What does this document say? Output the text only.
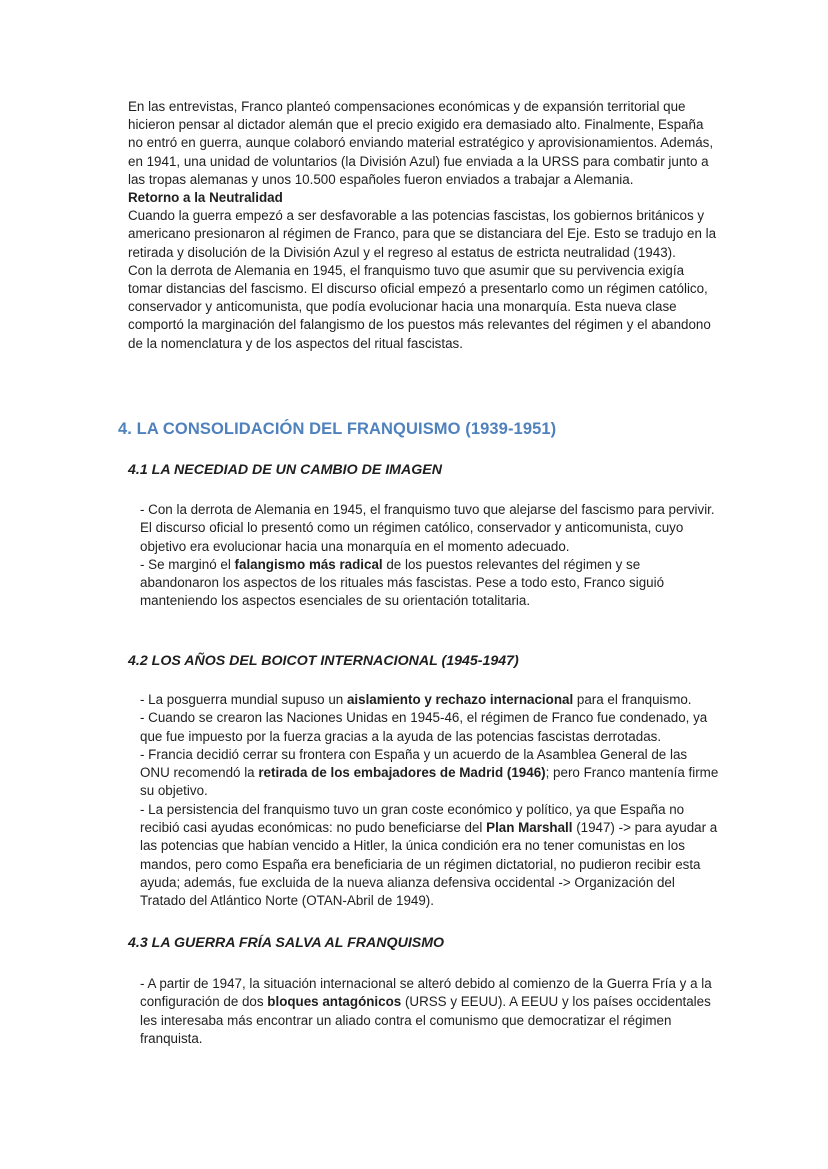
En las entrevistas, Franco planteó compensaciones económicas y de expansión territorial que hicieron pensar al dictador alemán que el precio exigido era demasiado alto. Finalmente, España no entró en guerra, aunque colaboró enviando material estratégico y aprovisionamientos. Además, en 1941, una unidad de voluntarios (la División Azul) fue enviada a la URSS para combatir junto a las tropas alemanas y unos 10.500 españoles fueron enviados a trabajar a Alemania.

Retorno a la Neutralidad

Cuando la guerra empezó a ser desfavorable a las potencias fascistas, los gobiernos británicos y americano presionaron al régimen de Franco, para que se distanciara del Eje. Esto se tradujo en la retirada y disolución de la División Azul y el regreso al estatus de estricta neutralidad (1943).

Con la derrota de Alemania en 1945, el franquismo tuvo que asumir que su pervivencia exigía tomar distancias del fascismo. El discurso oficial empezó a presentarlo como un régimen católico, conservador y anticomunista, que podía evolucionar hacia una monarquía. Esta nueva clase comportó la marginación del falangismo de los puestos más relevantes del régimen y el abandono de la nomenclatura y de los aspectos del ritual fascistas.

4. LA CONSOLIDACIÓN DEL FRANQUISMO (1939-1951)
4.1 LA NECEDIAD DE UN CAMBIO DE IMAGEN

- Con la derrota de Alemania en 1945, el franquismo tuvo que alejarse del fascismo para pervivir. El discurso oficial lo presentó como un régimen católico, conservador y anticomunista, cuyo objetivo era evolucionar hacia una monarquía en el momento adecuado.

- Se marginó el falangismo más radical de los puestos relevantes del régimen y se abandonaron los aspectos de los rituales más fascistas. Pese a todo esto, Franco siguió manteniendo los aspectos esenciales de su orientación totalitaria.

4.2 LOS AÑOS DEL BOICOT INTERNACIONAL (1945-1947)

- La posguerra mundial supuso un aislamiento y rechazo internacional para el franquismo.

- Cuando se crearon las Naciones Unidas en 1945-46, el régimen de Franco fue condenado, ya que fue impuesto por la fuerza gracias a la ayuda de las potencias fascistas derrotadas.

- Francia decidió cerrar su frontera con España y un acuerdo de la Asamblea General de las ONU recomendó la retirada de los embajadores de Madrid (1946); pero Franco mantenía firme su objetivo.

- La persistencia del franquismo tuvo un gran coste económico y político, ya que España no recibió casi ayudas económicas: no pudo beneficiarse del Plan Marshall (1947) -> para ayudar a las potencias que habían vencido a Hitler, la única condición era no tener comunistas en los mandos, pero como España era beneficiaria de un régimen dictatorial, no pudieron recibir esta ayuda; además, fue excluida de la nueva alianza defensiva occidental -> Organización del Tratado del Atlántico Norte (OTAN-Abril de 1949).

4.3 LA GUERRA FRÍA SALVA AL FRANQUISMO

- A partir de 1947, la situación internacional se alteró debido al comienzo de la Guerra Fría y a la configuración de dos bloques antagónicos (URSS y EEUU). A EEUU y los países occidentales les interesaba más encontrar un aliado contra el comunismo que democratizar el régimen franquista.
